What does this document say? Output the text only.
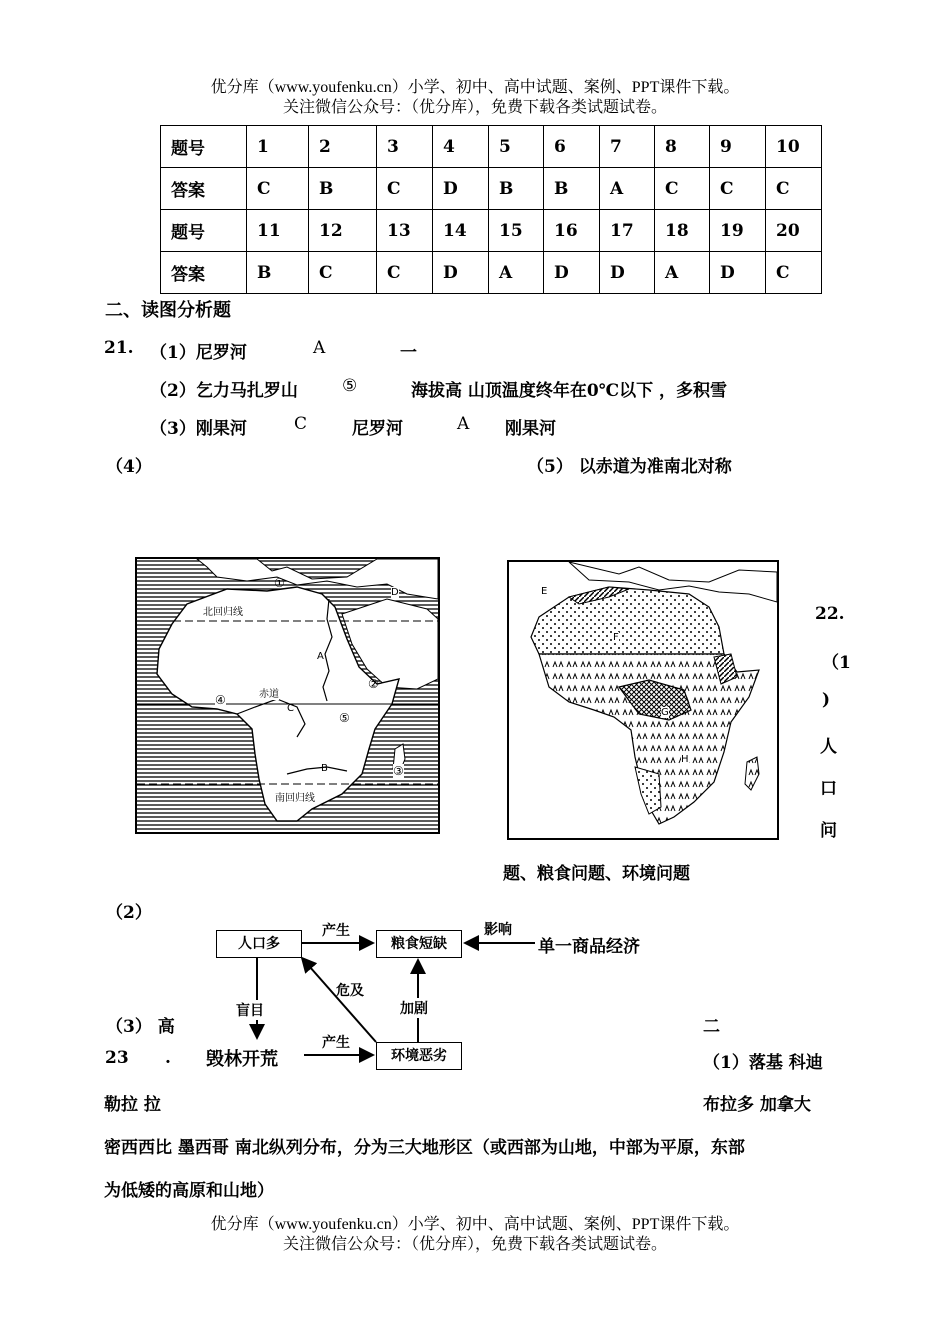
优分库（www.youfenku.cn）小学、初中、高中试题、案例、PPT课件下载。
关注微信公众号：（优分库），免费下载各类试题试卷。
题号	1	2	3	4	5	6	7	8	9	10
答案	C	B	C	D	B	B	A	C	C	C
题号	11	12	13	14	15	16	17	18	19	20
答案	B	C	C	D	A	D	D	A	D	C
二、读图分析题
21. （1）尼罗河	A	一
（2）乞力马扎罗山	⑤	海拔高 山顶温度终年在0℃以下 ，多积雪
（3）刚果河	C	尼罗河	A 刚果河
（4）	（5） 以赤道为准南北对称
北回归线
赤道
南回归线
①
②
③
④
⑤
A
B
C
D	E
F
G
H
22.
（1
)
人
口
问
题、粮食问题、环境问题
（2）
人口多	粮食短缺
环境恶劣
产生	影响
单一商品经济
危及
盲目	加剧
毁林开荒
产生
（3） 高	二
23 .	（1）落基 科迪
勒拉 拉	布拉多 加拿大
密西西比 墨西哥 南北纵列分布，分为三大地形区（或西部为山地，中部为平原，东部
为低矮的高原和山地）
优分库（www.youfenku.cn）小学、初中、高中试题、案例、PPT课件下载。
关注微信公众号：（优分库），免费下载各类试题试卷。
